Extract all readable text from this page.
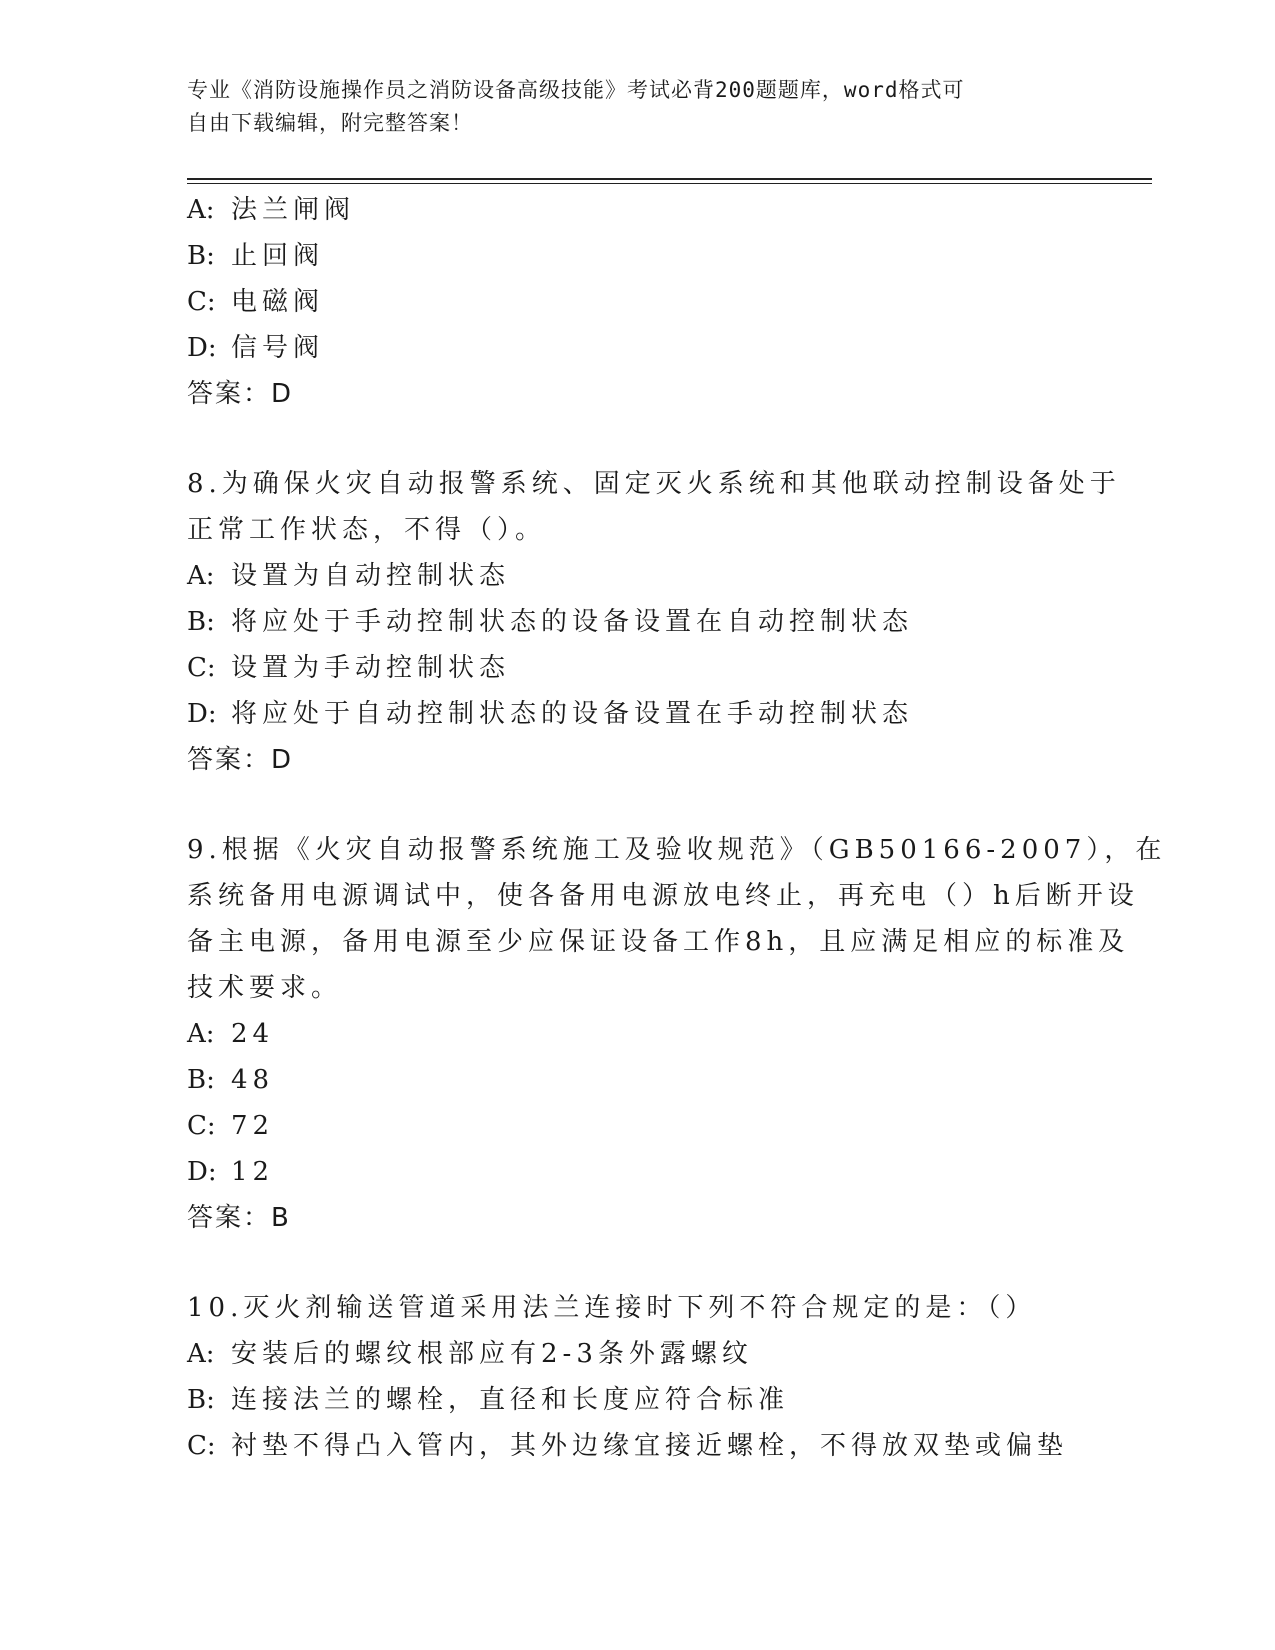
专业《消防设施操作员之消防设备高级技能》考试必背200题题库，word格式可
自由下载编辑，附完整答案！
A: 法兰闸阀
B: 止回阀
C: 电磁阀
D: 信号阀
答案：D
8.为确保火灾自动报警系统、固定灭火系统和其他联动控制设备处于
正常工作状态，不得（）。
A: 设置为自动控制状态
B: 将应处于手动控制状态的设备设置在自动控制状态
C: 设置为手动控制状态
D: 将应处于自动控制状态的设备设置在手动控制状态
答案：D
9.根据《火灾自动报警系统施工及验收规范》（GB50166-2007），在
系统备用电源调试中，使各备用电源放电终止，再充电（）h后断开设
备主电源，备用电源至少应保证设备工作8h，且应满足相应的标准及
技术要求。
A: 24
B: 48
C: 72
D: 12
答案：B
10.灭火剂输送管道采用法兰连接时下列不符合规定的是：（）
A: 安装后的螺纹根部应有2-3条外露螺纹
B: 连接法兰的螺栓，直径和长度应符合标准
C: 衬垫不得凸入管内，其外边缘宜接近螺栓，不得放双垫或偏垫
